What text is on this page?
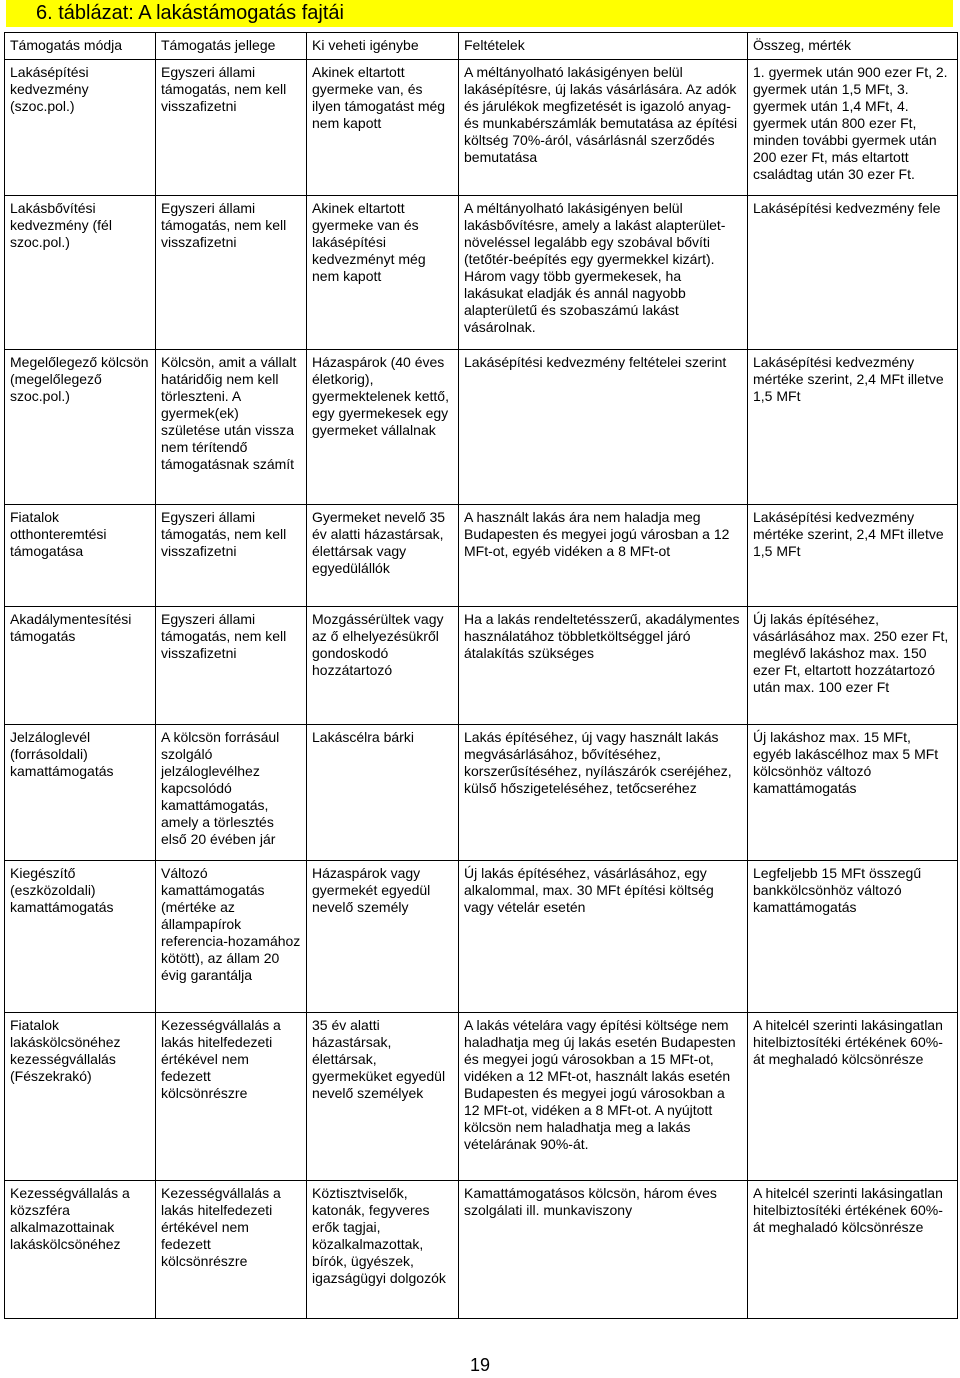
6. táblázat: A lakástámogatás fajtái
Támogatás módja	Támogatás jellege	Ki veheti igénybe	Feltételek	Összeg, mérték
Lakásépítési kedvezmény (szoc.pol.)	Egyszeri állami támogatás, nem kell visszafizetni	Akinek eltartott gyermeke van, és ilyen támogatást még nem kapott	A méltányolható lakásigényen belül lakásépítésre, új lakás vásárlására. Az adók és járulékok megfizetését is igazoló anyag- és munkabérszámlák bemutatása az építési költség 70%-áról, vásárlásnál szerződés bemutatása	1. gyermek után 900 ezer Ft, 2. gyermek után 1,5 MFt, 3. gyermek után 1,4 MFt, 4. gyermek után 800 ezer Ft, minden további gyermek után 200 ezer Ft, más eltartott családtag után 30 ezer Ft.
Lakásbővítési kedvezmény (fél szoc.pol.)	Egyszeri állami támogatás, nem kell visszafizetni	Akinek eltartott gyermeke van és lakásépítési kedvezményt még nem kapott	A méltányolható lakásigényen belül lakásbővítésre, amely a lakást alapterület-növeléssel legalább egy szobával bővíti (tetőtér-beépítés egy gyermekkel kizárt). Három vagy több gyermekesek, ha lakásukat eladják és annál nagyobb alapterületű és szobaszámú lakást vásárolnak.	Lakásépítési kedvezmény fele
Megelőlegező kölcsön (megelőlegező szoc.pol.)	Kölcsön, amit a vállalt határidőig nem kell törleszteni. A gyermek(ek) születése után vissza nem térítendő támogatásnak számít	Házaspárok (40 éves életkorig), gyermektelenek kettő, egy gyermekesek egy gyermeket vállalnak	Lakásépítési kedvezmény feltételei szerint	Lakásépítési kedvezmény mértéke szerint, 2,4 MFt illetve 1,5 MFt
Fiatalok otthonteremtési támogatása	Egyszeri állami támogatás, nem kell visszafizetni	Gyermeket nevelő 35 év alatti házastársak, élettársak vagy egyedülállók	A használt lakás ára nem haladja meg Budapesten és megyei jogú városban a 12 MFt-ot, egyéb vidéken a 8 MFt-ot	Lakásépítési kedvezmény mértéke szerint, 2,4 MFt illetve 1,5 MFt
Akadálymentesítési támogatás	Egyszeri állami támogatás, nem kell visszafizetni	Mozgássérültek vagy az ő elhelyezésükről gondoskodó hozzátartozó	Ha a lakás rendeltetésszerű, akadálymentes használatához többletköltséggel járó átalakítás szükséges	Új lakás építéséhez, vásárlásához max. 250 ezer Ft, meglévő lakáshoz max. 150 ezer Ft, eltartott hozzátartozó után max. 100 ezer Ft
Jelzáloglevél (forrásoldali) kamattámogatás	A kölcsön forrásául szolgáló jelzáloglevélhez kapcsolódó kamattámogatás, amely a törlesztés első 20 évében jár	Lakáscélra bárki	Lakás építéséhez, új vagy használt lakás megvásárlásához, bővítéséhez, korszerűsítéséhez, nyílászárók cseréjéhez, külső hőszigeteléséhez, tetőcseréhez	Új lakáshoz max. 15 MFt, egyéb lakáscélhoz max 5 MFt kölcsönhöz változó kamattámogatás
Kiegészítő (eszközoldali) kamattámogatás	Változó kamattámogatás (mértéke az állampapírok referencia-hozamához kötött), az állam 20 évig garantálja	Házaspárok vagy gyermekét egyedül nevelő személy	Új lakás építéséhez, vásárlásához, egy alkalommal, max. 30 MFt építési költség vagy vételár esetén	Legfeljebb 15 MFt összegű bankkölcsönhöz változó kamattámogatás
Fiatalok lakáskölcsönéhez kezességvállalás (Fészekrakó)	Kezességvállalás a lakás hitelfedezeti értékével nem fedezett kölcsönrészre	35 év alatti házastársak, élettársak, gyermeküket egyedül nevelő személyek	A lakás vételára vagy építési költsége nem haladhatja meg új lakás esetén Budapesten és megyei jogú városokban a 15 MFt-ot, vidéken a 12 MFt-ot, használt lakás esetén Budapesten és megyei jogú városokban a 12 MFt-ot, vidéken a 8 MFt-ot. A nyújtott kölcsön nem haladhatja meg a lakás vételárának 90%-át.	A hitelcél szerinti lakásingatlan hitelbiztosítéki értékének 60%-át meghaladó kölcsönrésze
Kezességvállalás a közszféra alkalmazottainak lakáskölcsönéhez	Kezességvállalás a lakás hitelfedezeti értékével nem fedezett kölcsönrészre	Köztisztviselők, katonák, fegyveres erők tagjai, közalkalmazottak, bírók, ügyészek, igazságügyi dolgozók	Kamattámogatásos kölcsön, három éves szolgálati ill. munkaviszony	A hitelcél szerinti lakásingatlan hitelbiztosítéki értékének 60%-át meghaladó kölcsönrésze
19
